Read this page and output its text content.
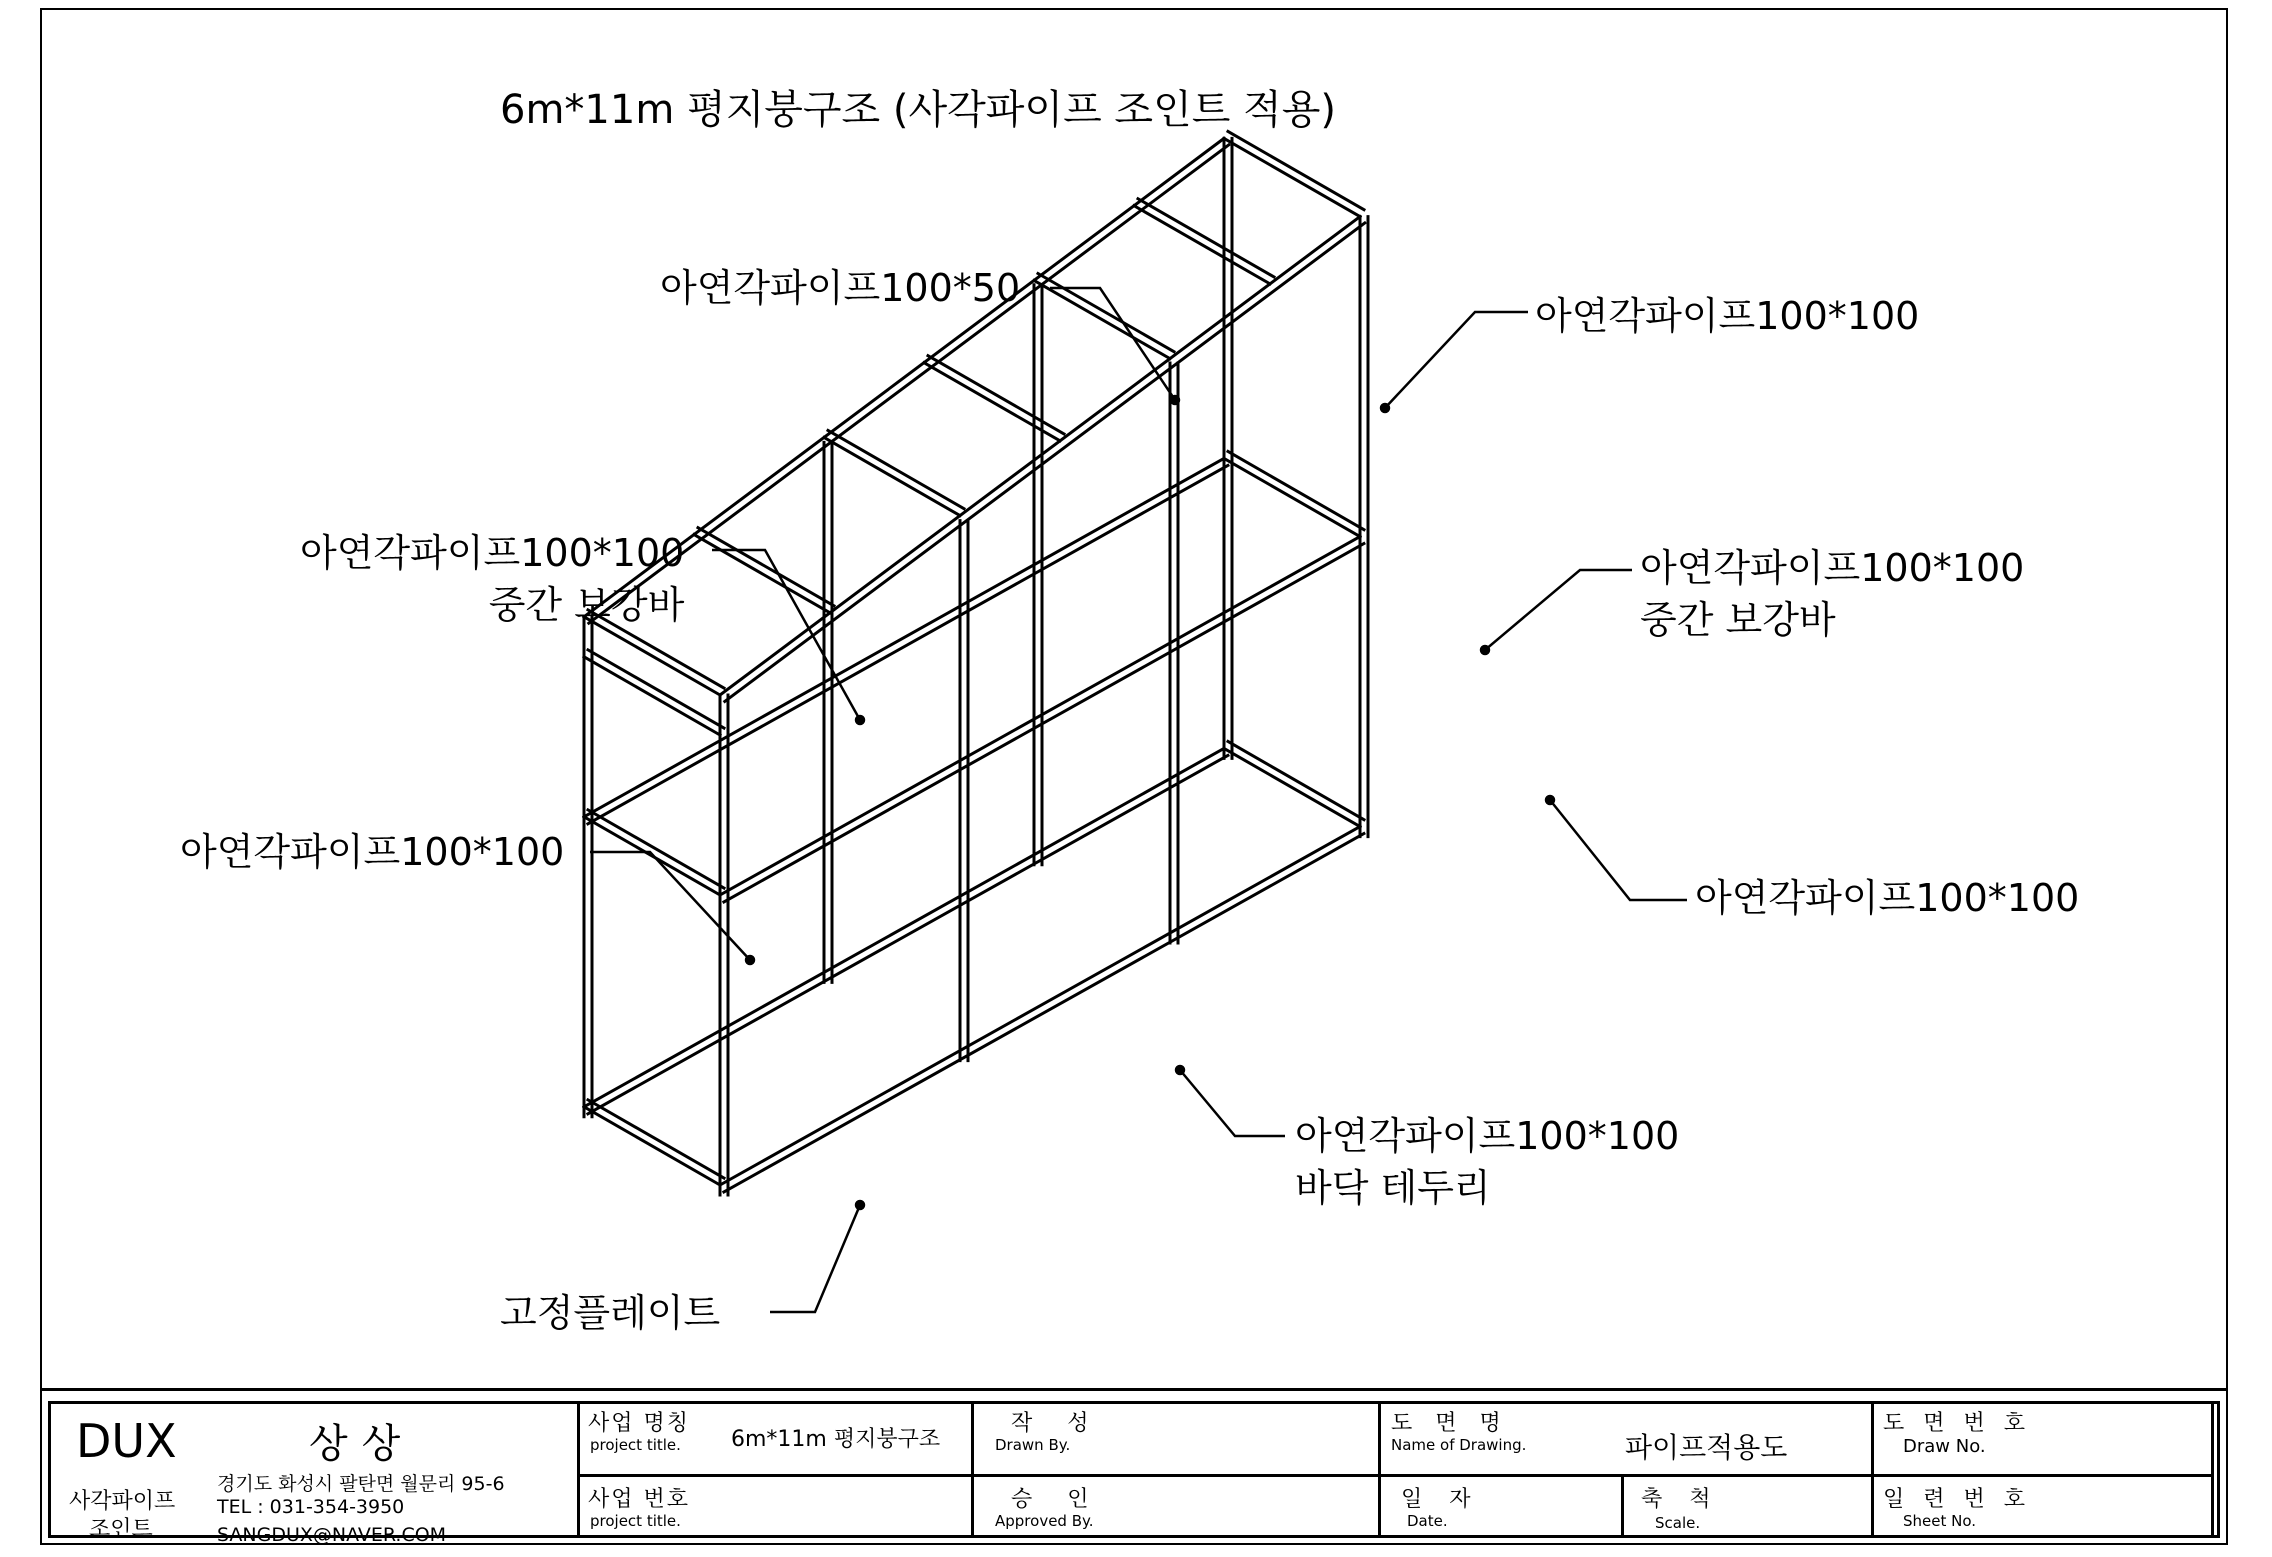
6m*11m 평지붕구조 (사각파이프 조인트 적용)
아연각파이프100*50
아연각파이프100*100
아연각파이프100*100
중간 보강바
아연각파이프100*100
중간 보강바
아연각파이프100*100
아연각파이프100*100
아연각파이프100*100
바닥 테두리
고정플레이트
DUX	상상
사각파이프
조인트
경기도 화성시 팔탄면 월문리 95-6
TEL : 031-354-3950
SANGDUX@NAVER.COM
사업 명칭
project title. 6m*11m 평지붕구조
사업 번호
project title.
작 성
Drawn By.
승 인
Approved By.
도 면 명
Name of Drawing.	파이프적용도
일 자
Date.
축 척
Scale.
도 면 번 호
Draw No.
일 련 번 호
Sheet No.
